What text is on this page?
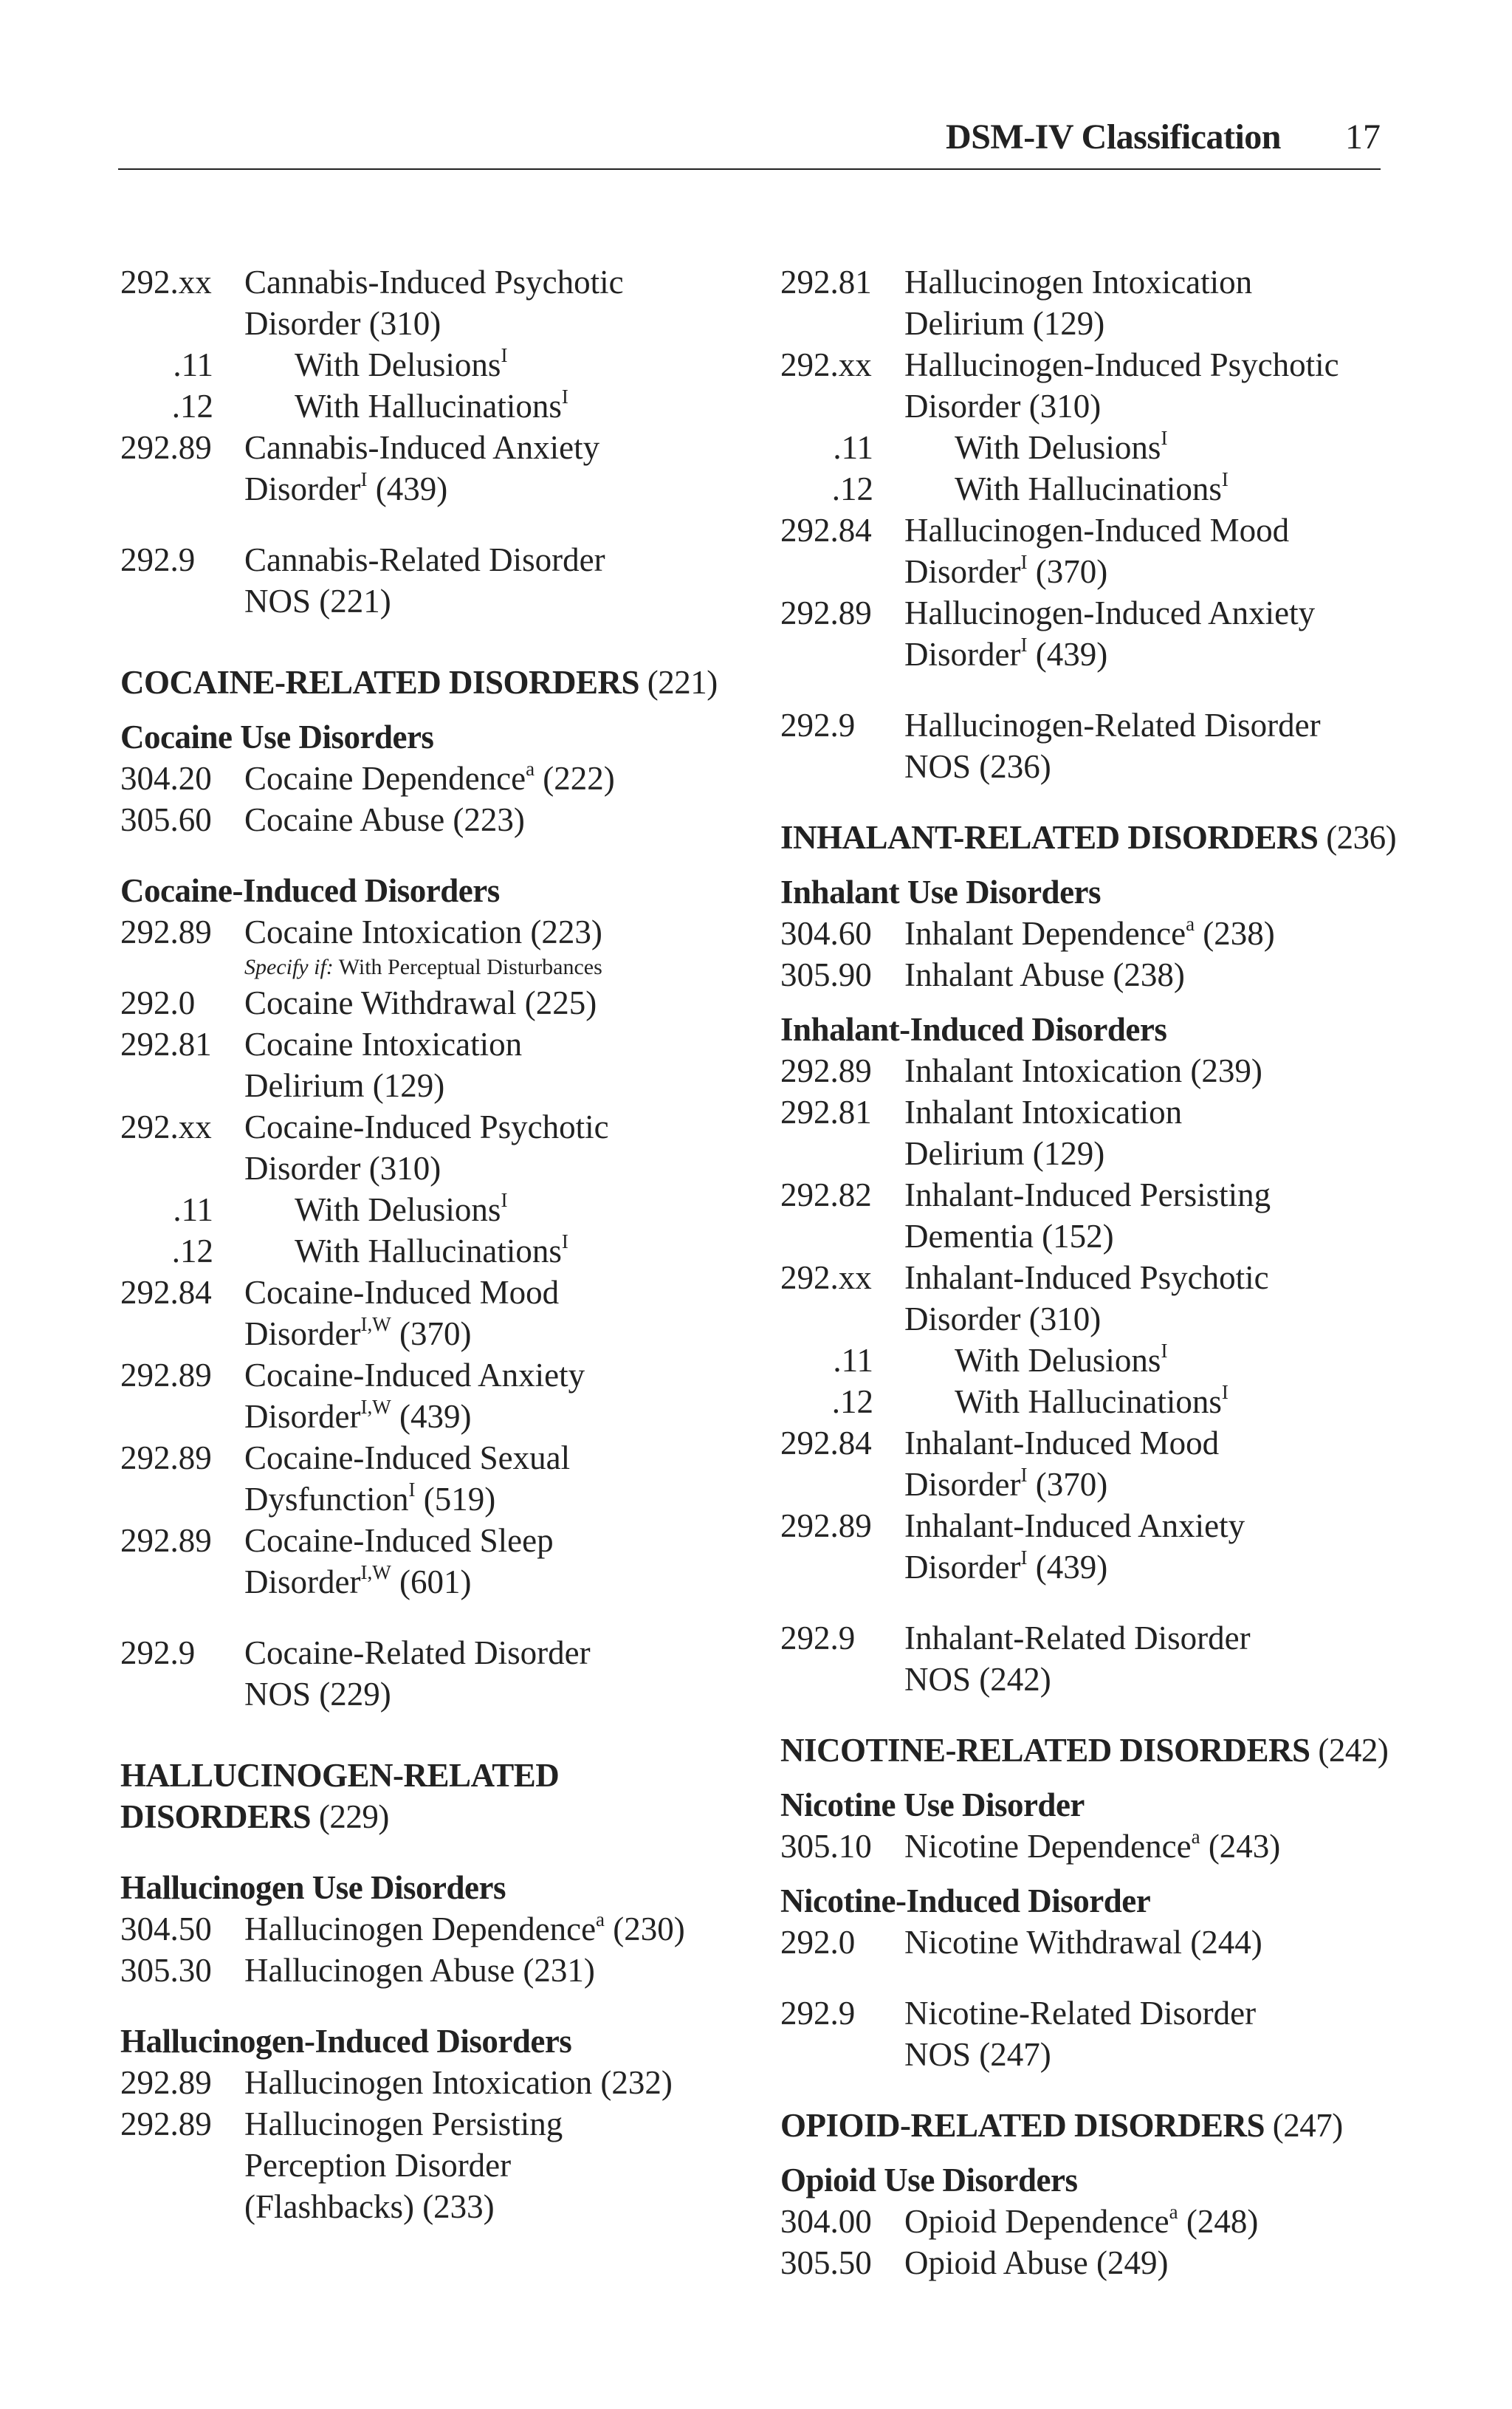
DSM-IV Classification 17
292.xx Cannabis-Induced Psychotic
Disorder (310)
.11	With Delusions$^I$
.12	With Hallucinations$^I$
292.89 Cannabis-Induced Anxiety
Disorder$^I$ (439)
292.9	Cannabis-Related Disorder
NOS (221)
COCAINE-RELATED DISORDERS (221)
Cocaine Use Disorders
304.20 Cocaine Dependence$^a$ (222)
305.60 Cocaine Abuse (223)
Cocaine-Induced Disorders
292.89 Cocaine Intoxication (223)
Specify if: With Perceptual Disturbances
292.0	Cocaine Withdrawal (225)
292.81 Cocaine Intoxication
Delirium (129)
292.xx Cocaine-Induced Psychotic
Disorder (310)
.11	With Delusions$^I$
.12	With Hallucinations$^I$
292.84 Cocaine-Induced Mood
Disorder$^{I,W}$ (370)
292.89 Cocaine-Induced Anxiety
Disorder$^{I,W}$ (439)
292.89 Cocaine-Induced Sexual
Dysfunction$^I$ (519)
292.89 Cocaine-Induced Sleep
Disorder$^{I,W}$ (601)
292.9	Cocaine-Related Disorder
NOS (229)
HALLUCINOGEN-RELATED
DISORDERS (229)
Hallucinogen Use Disorders
304.50 Hallucinogen Dependence$^a$ (230)
305.30 Hallucinogen Abuse (231)
Hallucinogen-Induced Disorders
292.89 Hallucinogen Intoxication (232)
292.89 Hallucinogen Persisting
Perception Disorder
(Flashbacks) (233)
292.81 Hallucinogen Intoxication
Delirium (129)
292.xx Hallucinogen-Induced Psychotic
Disorder (310)
.11	With Delusions$^I$
.12	With Hallucinations$^I$
292.84 Hallucinogen-Induced Mood
Disorder$^I$ (370)
292.89 Hallucinogen-Induced Anxiety
Disorder$^I$ (439)
292.9	Hallucinogen-Related Disorder
NOS (236)
INHALANT-RELATED DISORDERS (236)
Inhalant Use Disorders
304.60 Inhalant Dependence$^a$ (238)
305.90 Inhalant Abuse (238)
Inhalant-Induced Disorders
292.89 Inhalant Intoxication (239)
292.81 Inhalant Intoxication
Delirium (129)
292.82 Inhalant-Induced Persisting
Dementia (152)
292.xx Inhalant-Induced Psychotic
Disorder (310)
.11	With Delusions$^I$
.12	With Hallucinations$^I$
292.84 Inhalant-Induced Mood
Disorder$^I$ (370)
292.89 Inhalant-Induced Anxiety
Disorder$^I$ (439)
292.9	Inhalant-Related Disorder
NOS (242)
NICOTINE-RELATED DISORDERS (242)
Nicotine Use Disorder
305.10 Nicotine Dependence$^a$ (243)
Nicotine-Induced Disorder
292.0	Nicotine Withdrawal (244)
292.9	Nicotine-Related Disorder
NOS (247)
OPIOID-RELATED DISORDERS (247)
Opioid Use Disorders
304.00 Opioid Dependence$^a$ (248)
305.50 Opioid Abuse (249)
